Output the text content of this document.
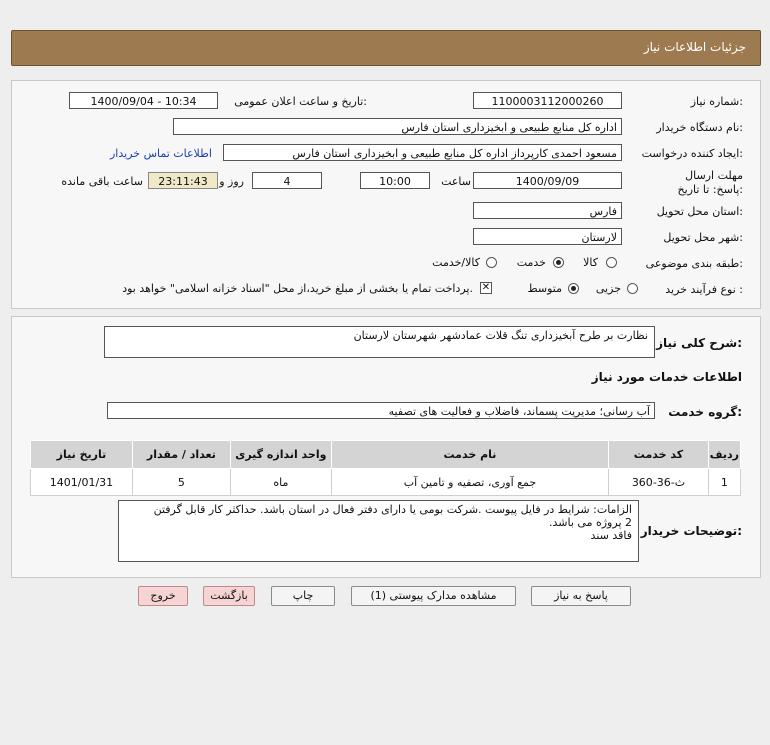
جزئیات اطلاعات نیاز
شماره نیاز:
1100003112000260
تاریخ و ساعت اعلان عمومی:
1400/09/04 - 10:34
نام دستگاه خریدار:
اداره کل منابع طبیعی و ابخیزداری استان فارس
ایجاد کننده درخواست:
مسعود احمدی کارپرداز اداره کل منابع طبیعی و ابخیزداری استان فارس
اطلاعات تماس خریدار
مهلت ارسال پاسخ: تا تاریخ:
1400/09/09
ساعت
10:00
4
روز و
23:11:43
ساعت باقی مانده
استان محل تحویل:
فارس
شهر محل تحویل:
لارستان
طبقه بندی موضوعی:
کالا
خدمت
کالا/خدمت
نوع فرآیند خرید :
جزیی
متوسط
✕
پرداخت تمام یا بخشی از مبلغ خرید،از محل "اسناد خزانه اسلامی" خواهد بود.
شرح کلی نیاز:
نظارت بر طرح آبخیزداری تنگ قلات عمادشهر شهرستان لارستان
اطلاعات خدمات مورد نیاز
گروه خدمت:
آب رسانی؛ مدیریت پسماند، فاضلاب و فعالیت های تصفیه
ردیف	کد خدمت	نام خدمت	واحد اندازه گیری	تعداد / مقدار	تاریخ نیاز
1	ث-36-360	جمع آوری، تصفیه و تامین آب	ماه	5	1401/01/31
توضیحات خریدار:
الزامات: شرایط در فایل پیوست .شرکت بومی یا دارای دفتر فعال در استان باشد. حداکثر کار قابل گرفتن
2 پروژه می باشد.
فاقد سند
پاسخ به نیاز
مشاهده مدارک پیوستی (1)
چاپ
بازگشت
خروج
